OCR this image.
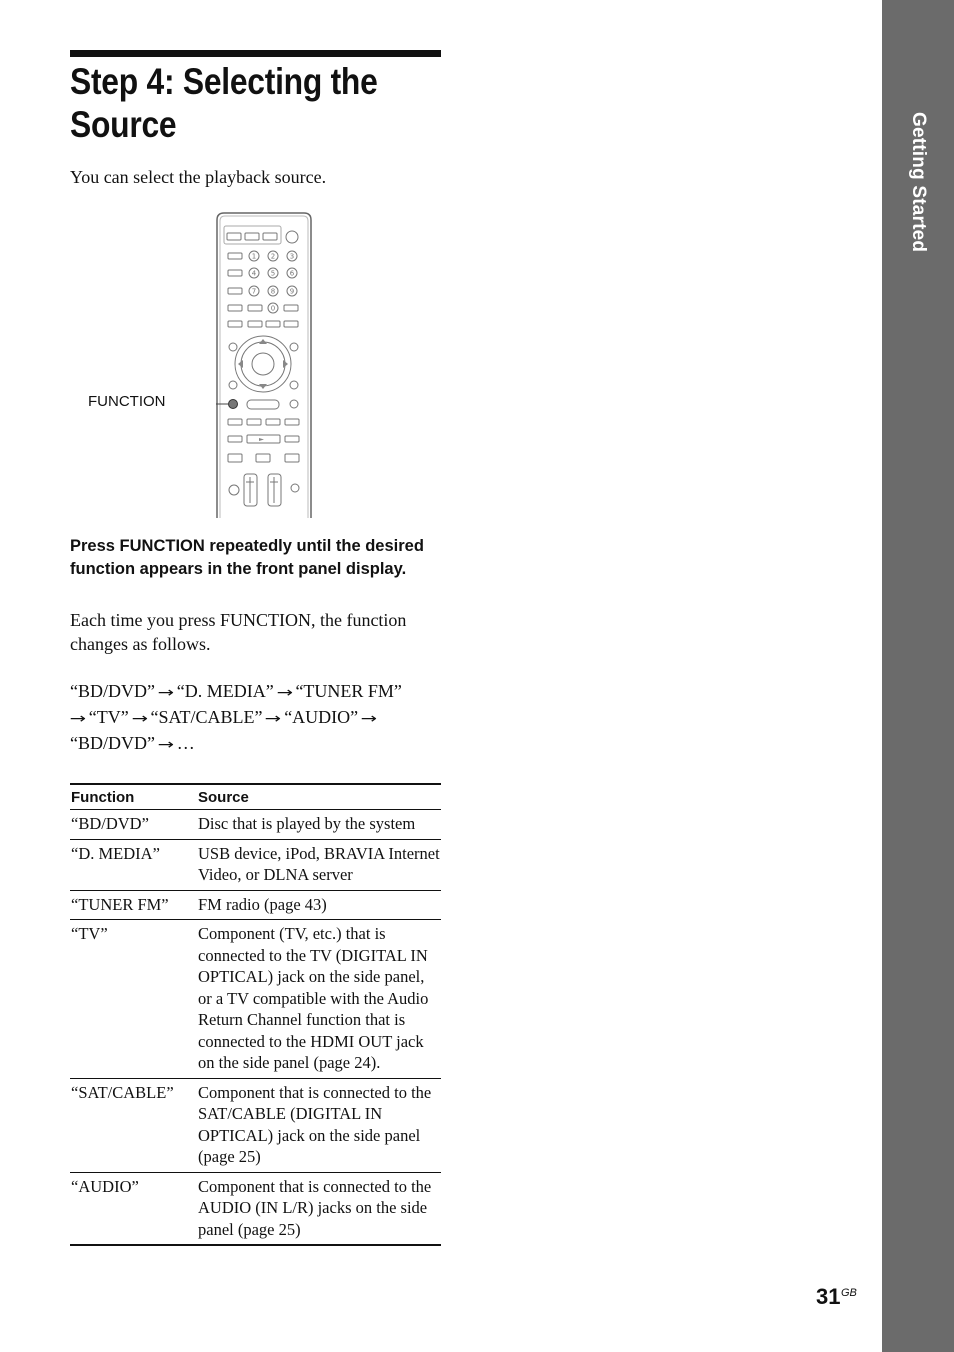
Getting Started
Step 4: Selecting the
Source
You can select the playback source.
1 2 3
4 5 6
7 8 9
0
FUNCTION
Press FUNCTION repeatedly until the desired function appears in the front panel display.
Each time you press FUNCTION, the function changes as follows.
“BD/DVD” → “D. MEDIA” → “TUNER FM”
→ “TV” → “SAT/CABLE” → “AUDIO” →
“BD/DVD” → …
Function	Source
“BD/DVD”	Disc that is played by the system
“D. MEDIA”	USB device, iPod, BRAVIA Internet Video, or DLNA server
“TUNER FM”	FM radio (page 43)
“TV”	Component (TV, etc.) that is connected to the TV (DIGITAL IN OPTICAL) jack on the side panel, or a TV compatible with the Audio Return Channel function that is connected to the HDMI OUT jack on the side panel (page 24).
“SAT/CABLE”	Component that is connected to the SAT/CABLE (DIGITAL IN OPTICAL) jack on the side panel (page 25)
“AUDIO”	Component that is connected to the AUDIO (IN L/R) jacks on the side panel (page 25)
31 GB
